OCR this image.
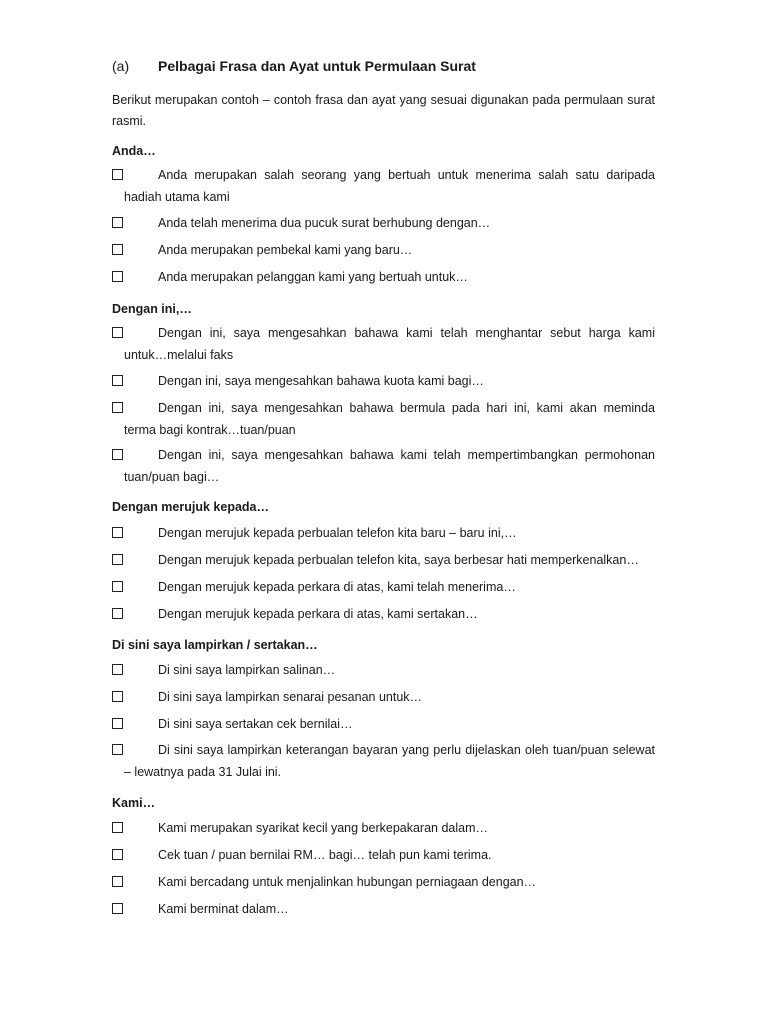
(a)	Pelbagai Frasa dan Ayat untuk Permulaan Surat
Berikut merupakan contoh – contoh frasa dan ayat yang sesuai digunakan pada permulaan surat rasmi.
Anda…
Anda merupakan salah seorang yang bertuah untuk menerima salah satu daripada
hadiah utama kami
Anda telah menerima dua pucuk surat berhubung dengan…
Anda merupakan pembekal kami yang baru…
Anda merupakan pelanggan kami yang bertuah untuk…
Dengan ini,…
Dengan ini, saya mengesahkan bahawa kami telah menghantar sebut harga kami
untuk…melalui faks
Dengan ini, saya mengesahkan bahawa kuota kami bagi…
Dengan ini, saya mengesahkan bahawa bermula pada hari ini, kami akan meminda
terma bagi kontrak…tuan/puan
Dengan ini, saya mengesahkan bahawa kami telah mempertimbangkan permohonan
tuan/puan bagi…
Dengan merujuk kepada…
Dengan merujuk kepada perbualan telefon kita baru – baru ini,…
Dengan merujuk kepada perbualan telefon kita, saya berbesar hati memperkenalkan…
Dengan merujuk kepada perkara di atas, kami telah menerima…
Dengan merujuk kepada perkara di atas, kami sertakan…
Di sini saya lampirkan / sertakan…
Di sini saya lampirkan salinan…
Di sini saya lampirkan senarai pesanan untuk…
Di sini saya sertakan cek bernilai…
Di sini saya lampirkan keterangan bayaran yang perlu dijelaskan oleh tuan/puan selewat
– lewatnya pada 31 Julai ini.
Kami…
Kami merupakan syarikat kecil yang berkepakaran dalam…
Cek tuan / puan bernilai RM… bagi… telah pun kami terima.
Kami bercadang untuk menjalinkan hubungan perniagaan dengan…
Kami berminat dalam…
